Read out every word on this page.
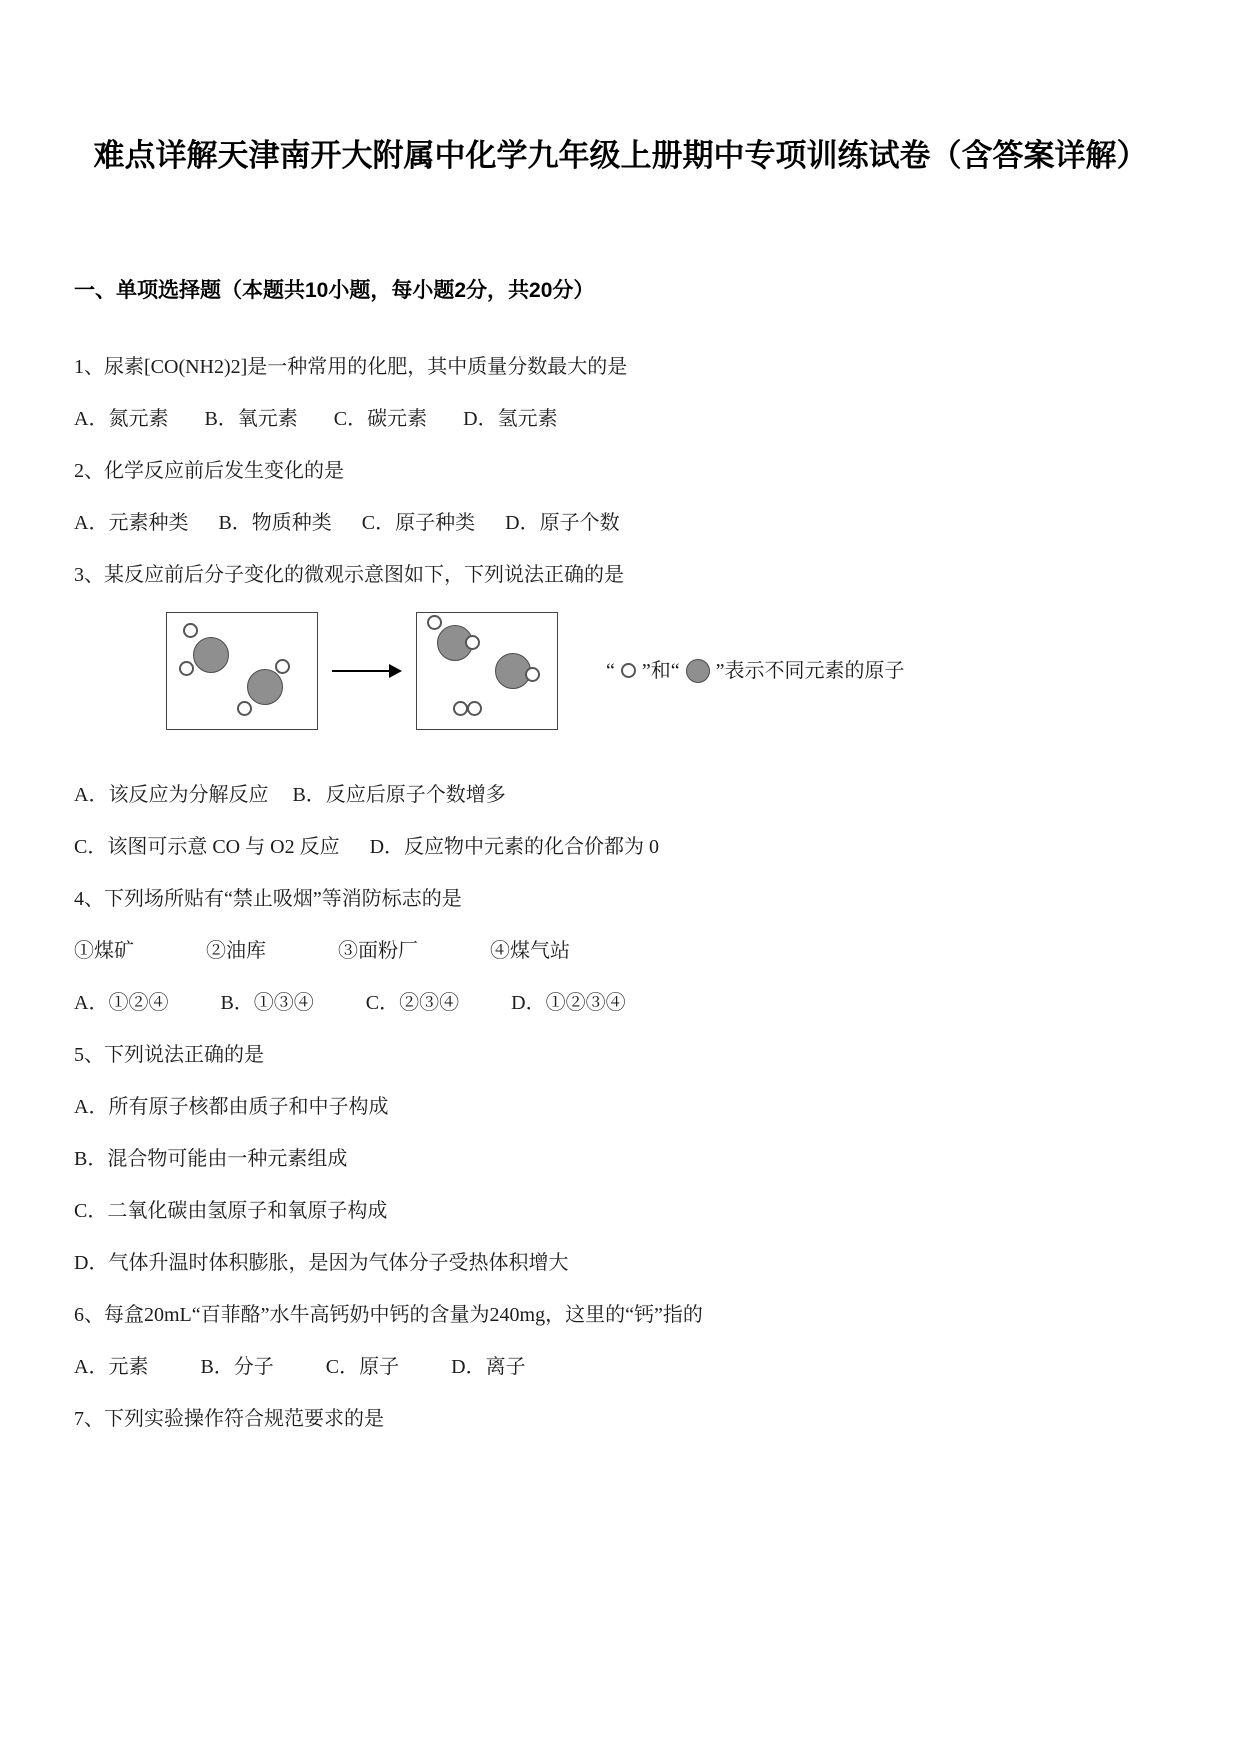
难点详解天津南开大附属中化学九年级上册期中专项训练试卷（含答案详解）
一、单项选择题（本题共10小题，每小题2分，共20分）
1、尿素[CO(NH2)2]是一种常用的化肥，其中质量分数最大的是
A．氮元素 B．氧元素 C．碳元素 D．氢元素
2、化学反应前后发生变化的是
A．元素种类 B．物质种类 C．原子种类 D．原子个数
3、某反应前后分子变化的微观示意图如下，下列说法正确的是
“ ”和“ ”表示不同元素的原子
A．该反应为分解反应 B．反应后原子个数增多
C．该图可示意 CO 与 O2 反应 D．反应物中元素的化合价都为 0
4、下列场所贴有“禁止吸烟”等消防标志的是
①煤矿	②油库	③面粉厂	④煤气站
A．①②④	B．①③④	C．②③④	D．①②③④
5、下列说法正确的是
A．所有原子核都由质子和中子构成
B．混合物可能由一种元素组成
C．二氧化碳由氢原子和氧原子构成
D．气体升温时体积膨胀，是因为气体分子受热体积增大
6、每盒20mL“百菲酪”水牛高钙奶中钙的含量为240mg，这里的“钙”指的
A．元素	B．分子	C．原子	D．离子
7、下列实验操作符合规范要求的是
